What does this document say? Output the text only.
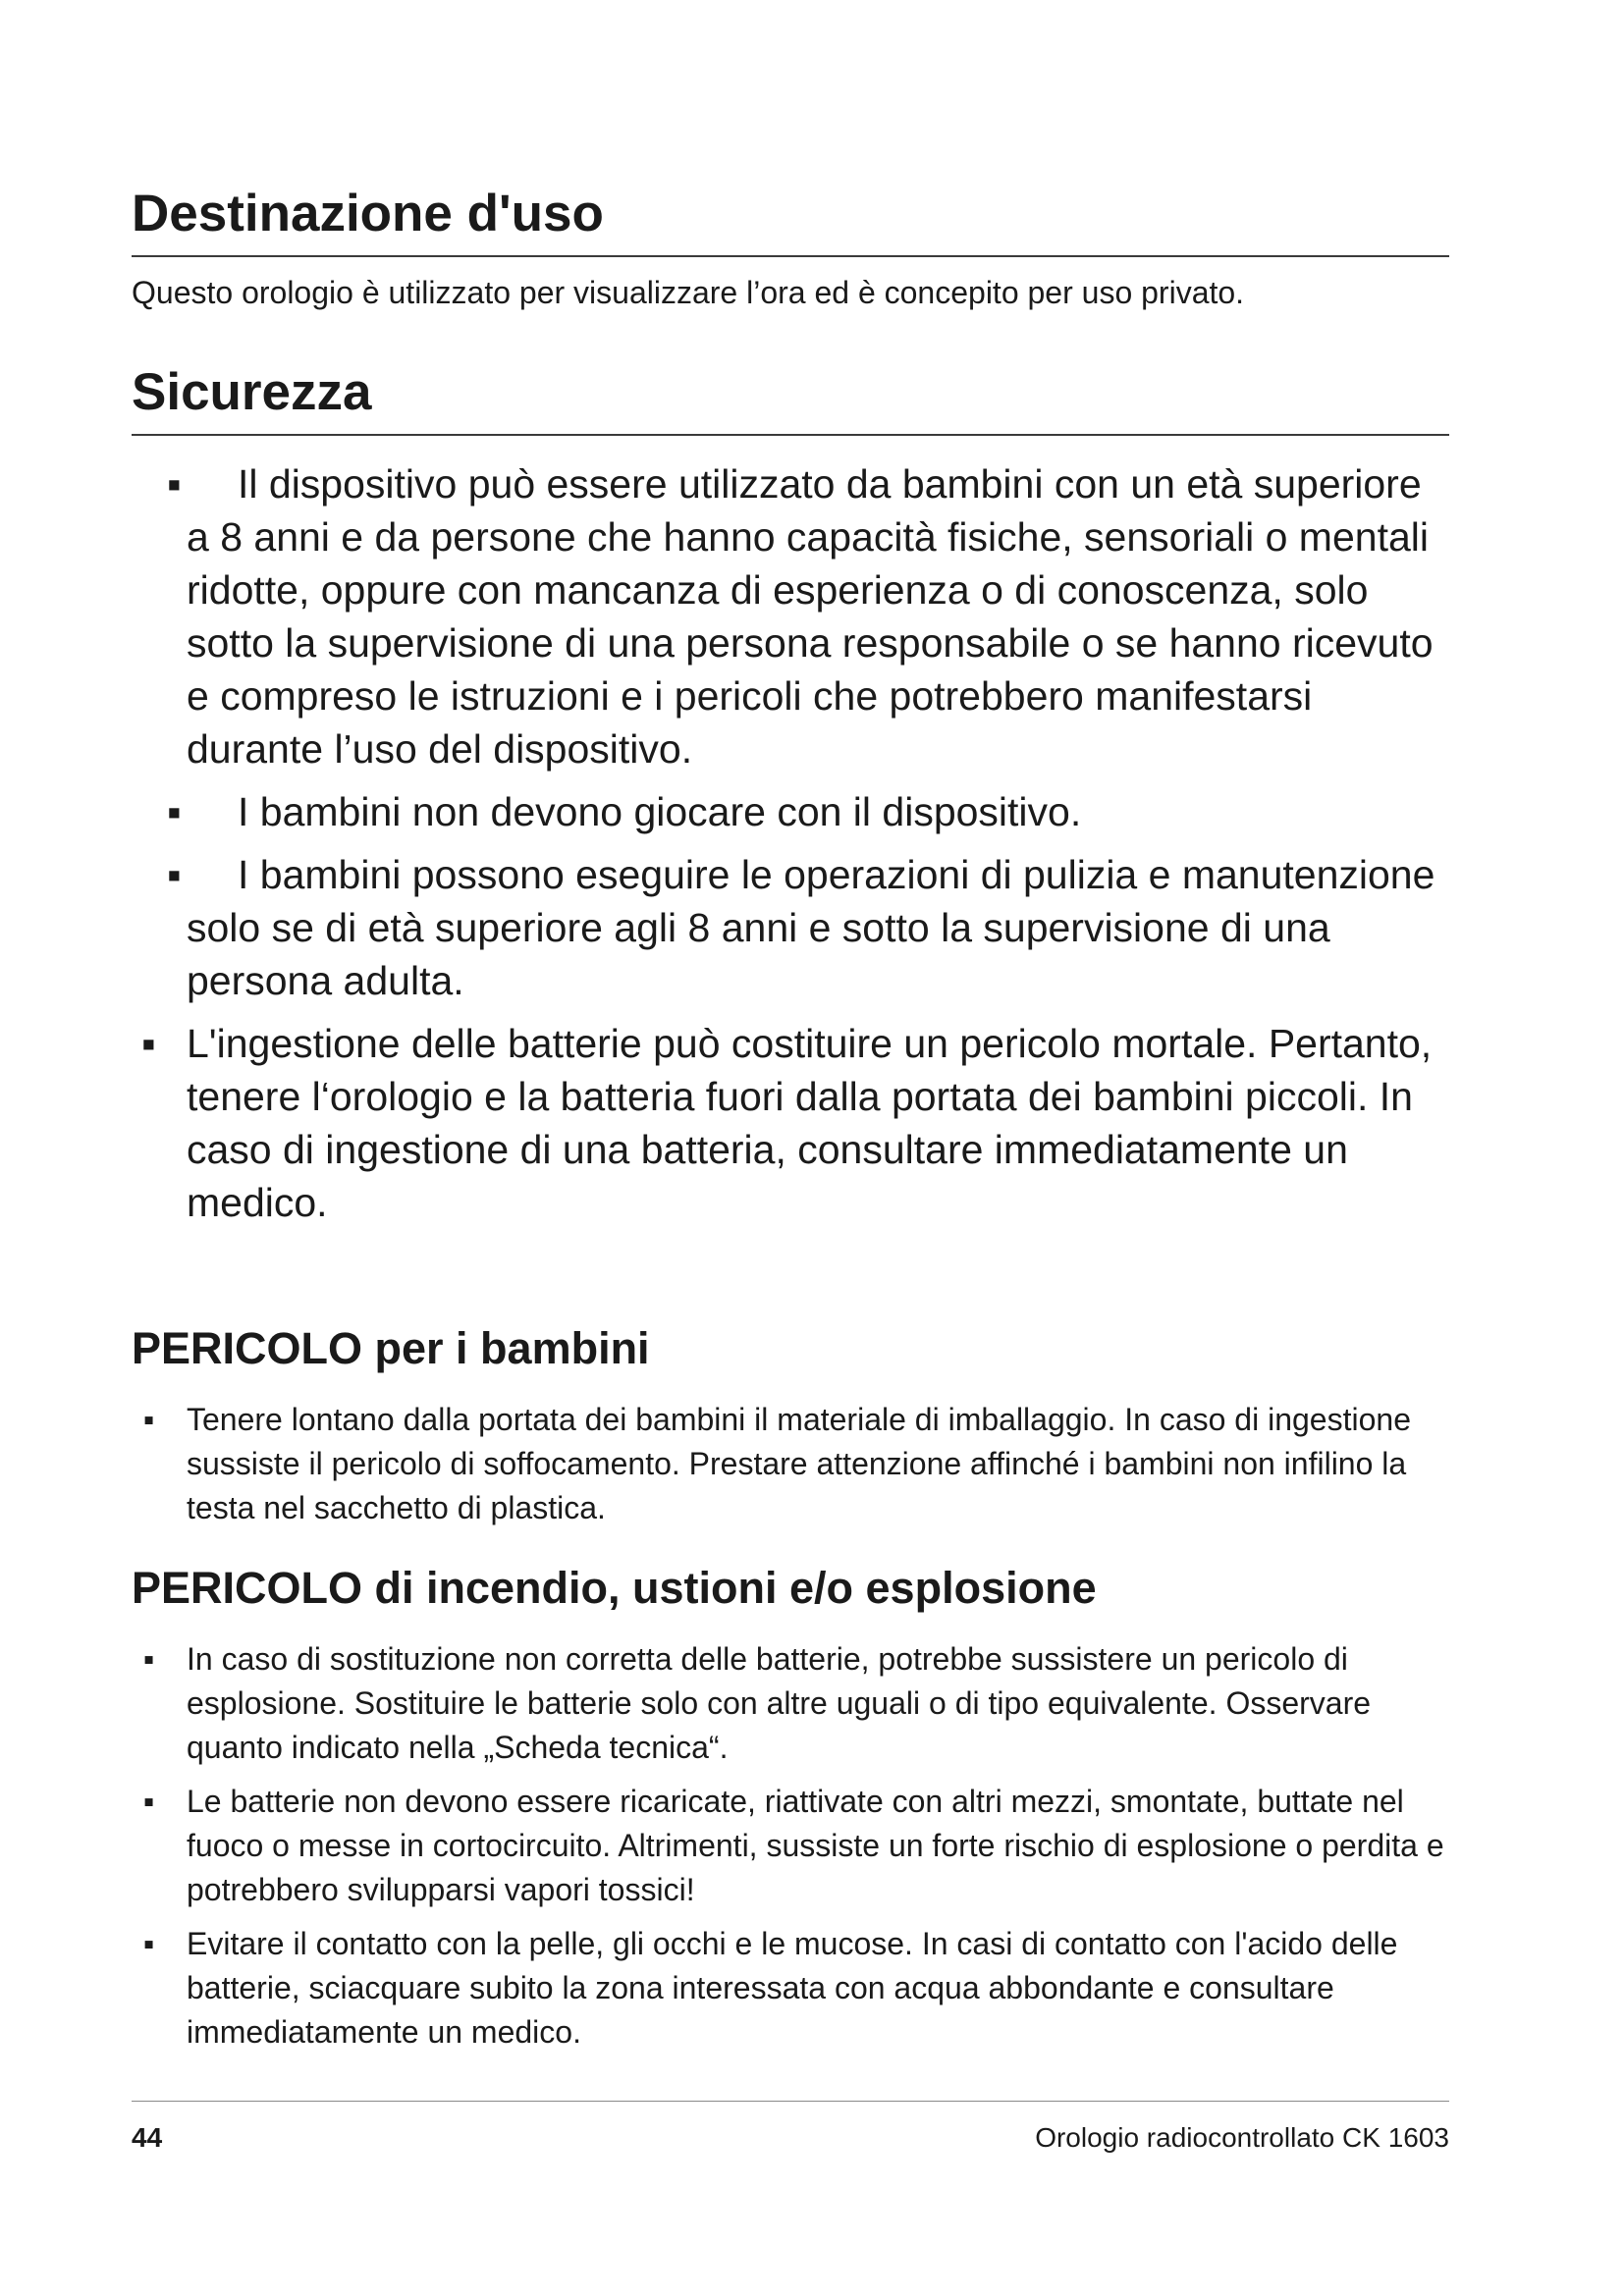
Destinazione d'uso

Questo orologio è utilizzato per visualizzare l’ora ed è concepito per uso privato.

Sicurezza
▪	Il dispositivo può essere utilizzato da bambini con un età superiore a 8 anni e da persone che hanno capacità fisiche, sensoriali o mentali ridotte, oppure con mancanza di esperienza o di conoscenza, solo sotto la supervisione di una persona responsabile o se hanno ricevuto e compreso le istruzioni e i pericoli che potrebbero manifestarsi durante l’uso del dispositivo.
▪	I bambini non devono giocare con il dispositivo.
▪	I bambini possono eseguire le operazioni di pulizia e manutenzione solo se di età superiore agli 8 anni e sotto la supervisione di una persona adulta.
▪ L'ingestione delle batterie può costituire un pericolo mortale. Pertanto, tenere l‘orologio e la batteria fuori dalla portata dei bambini piccoli. In caso di ingestione di una batteria, consultare immediatamente un medico.
PERICOLO per i bambini
▪ Tenere lontano dalla portata dei bambini il materiale di imballaggio. In caso di ingestione sussiste il pericolo di soffocamento. Prestare attenzione affinché i bambini non infilino la testa nel sacchetto di plastica.
PERICOLO di incendio, ustioni e/o esplosione
▪ In caso di sostituzione non corretta delle batterie, potrebbe sussistere un pericolo di esplosione. Sostituire le batterie solo con altre uguali o di tipo equivalente. Osservare quanto indicato nella „Scheda tecnica“.
▪ Le batterie non devono essere ricaricate, riattivate con altri mezzi, smontate, buttate nel fuoco o messe in cortocircuito. Altrimenti, sussiste un forte rischio di esplosione o perdita e potrebbero svilupparsi vapori tossici!
▪ Evitare il contatto con la pelle, gli occhi e le mucose. In casi di contatto con l'acido delle batterie, sciacquare subito la zona interessata con acqua abbondante e consultare immediatamente un medico.

44	Orologio radiocontrollato CK 1603
